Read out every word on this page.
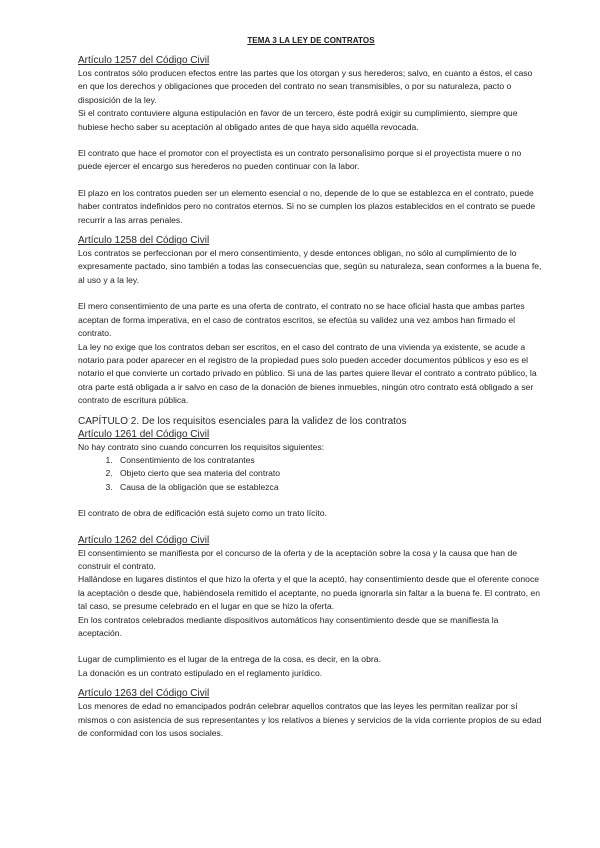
TEMA 3 LA LEY DE CONTRATOS
Artículo 1257 del Código Civil

Los contratos sólo producen efectos entre las partes que los otorgan y sus herederos; salvo, en cuanto a éstos, el caso en que los derechos y obligaciones que proceden del contrato no sean transmisibles, o por su naturaleza, pacto o disposición de la ley.

Si el contrato contuviere alguna estipulación en favor de un tercero, éste podrá exigir su cumplimiento, siempre que hubiese hecho saber su aceptación al obligado antes de que haya sido aquélla revocada.

El contrato que hace el promotor con el proyectista es un contrato personalísimo porque si el proyectista muere o no puede ejercer el encargo sus herederos no pueden continuar con la labor.

El plazo en los contratos pueden ser un elemento esencial o no, depende de lo que se establezca en el contrato, puede haber contratos indefinidos pero no contratos eternos. Si no se cumplen los plazos establecidos en el contrato se puede recurrir a las arras penales.

Artículo 1258 del Código Civil

Los contratos se perfeccionan por el mero consentimiento, y desde entonces obligan, no sólo al cumplimiento de lo expresamente pactado, sino también a todas las consecuencias que, según su naturaleza, sean conformes a la buena fe, al uso y a la ley.

El mero consentimiento de una parte es una oferta de contrato, el contrato no se hace oficial hasta que ambas partes aceptan de forma imperativa, en el caso de contratos escritos, se efectúa su validez una vez ambos han firmado el contrato.

La ley no exige que los contratos deban ser escritos, en el caso del contrato de una vivienda ya existente, se acude a notario para poder aparecer en el registro de la propiedad pues solo pueden acceder documentos públicos y eso es el notario el que convierte un cortado privado en público. Si una de las partes quiere llevar el contrato a contrato público, la otra parte está obligada a ir salvo en caso de la donación de bienes inmuebles, ningún otro contrato está obligado a ser contrato de escritura pública.

CAPÍTULO 2. De los requisitos esenciales para la validez de los contratos
Artículo 1261 del Código Civil

No hay contrato sino cuando concurren los requisitos siguientes:

1. Consentimiento de los contratantes
2. Objeto cierto que sea materia del contrato
3. Causa de la obligación que se establezca

El contrato de obra de edificación está sujeto como un trato lícito.

Artículo 1262 del Código Civil

El consentimiento se manifiesta por el concurso de la oferta y de la aceptación sobre la cosa y la causa que han de construir el contrato.

Hallándose en lugares distintos el que hizo la oferta y el que la aceptó, hay consentimiento desde que el oferente conoce la aceptación o desde que, habiéndosela remitido el aceptante, no pueda ignorarla sin faltar a la buena fe. El contrato, en tal caso, se presume celebrado en el lugar en que se hizo la oferta.

En los contratos celebrados mediante dispositivos automáticos hay consentimiento desde que se manifiesta la aceptación.

Lugar de cumplimiento es el lugar de la entrega de la cosa, es decir, en la obra.

La donación es un contrato estipulado en el reglamento jurídico.

Artículo 1263 del Código Civil

Los menores de edad no emancipados podrán celebrar aquellos contratos que las leyes les permitan realizar por sí mismos o con asistencia de sus representantes y los relativos a bienes y servicios de la vida corriente propios de su edad de conformidad con los usos sociales.
